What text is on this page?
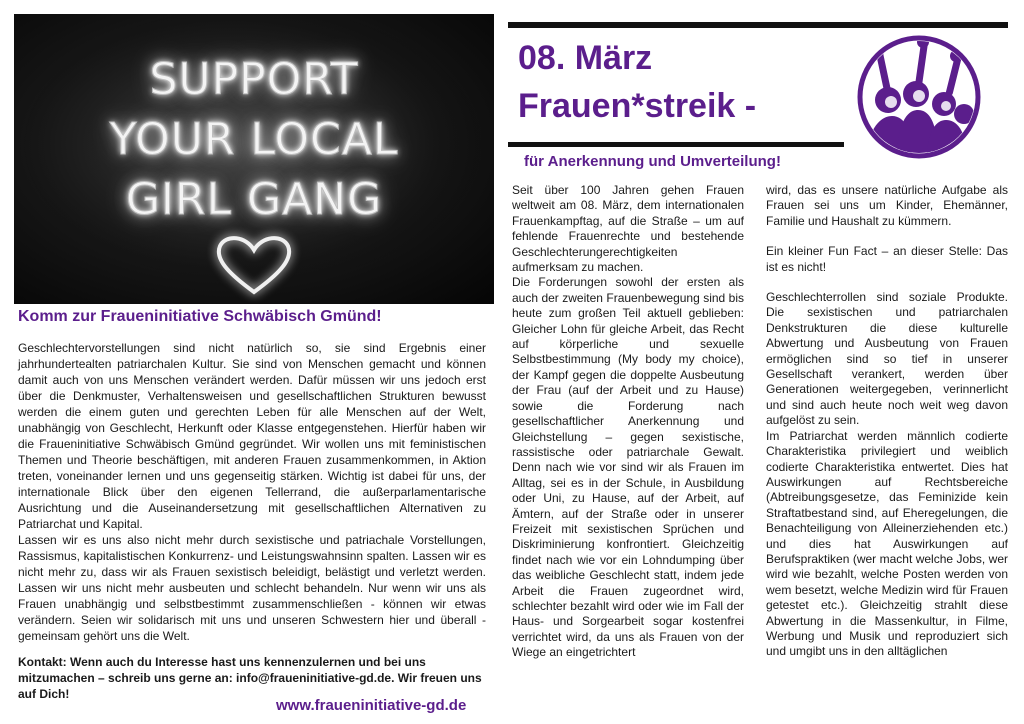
SUPPORT
YOUR LOCAL
GIRL GANG
Komm zur Fraueninitiative Schwäbisch Gmünd!

Geschlechtervorstellungen sind nicht natürlich so, sie sind Ergebnis einer jahrhundertealten patriarchalen Kultur. Sie sind von Menschen gemacht und können damit auch von uns Menschen verändert werden. Dafür müssen wir uns jedoch erst über die Denkmuster, Verhaltensweisen und gesellschaftlichen Strukturen bewusst werden die einem guten und gerechten Leben für alle Menschen auf der Welt, unabhängig von Geschlecht, Herkunft oder Klasse entgegenstehen. Hierfür haben wir die Fraueninitiative Schwäbisch Gmünd gegründet. Wir wollen uns mit feministischen Themen und Theorie beschäftigen, mit anderen Frauen zusammenkommen, in Aktion treten, voneinander lernen und uns gegenseitig stärken. Wichtig ist dabei für uns, der internationale Blick über den eigenen Tellerrand, die außerparlamentarische Ausrichtung und die Auseinandersetzung mit gesellschaftlichen Alternativen zu Patriarchat und Kapital.

Lassen wir es uns also nicht mehr durch sexistische und patriachale Vorstellungen, Rassismus, kapitalistischen Konkurrenz- und Leistungswahnsinn spalten. Lassen wir es nicht mehr zu, dass wir als Frauen sexistisch beleidigt, belästigt und verletzt werden. Lassen wir uns nicht mehr ausbeuten und schlecht behandeln. Nur wenn wir uns als Frauen unabhängig und selbstbestimmt zusammenschließen - können wir etwas verändern. Seien wir solidarisch mit uns und unseren Schwestern hier und überall - gemeinsam gehört uns die Welt.

Kontakt: Wenn auch du Interesse hast uns kennenzulernen und bei uns mitzumachen – schreib uns gerne an: info@fraueninitiative-gd.de. Wir freuen uns auf Dich!
www.fraueninitiative-gd.de
08. März
Frauen*streik -
für Anerkennung und Umverteilung!

Seit über 100 Jahren gehen Frauen weltweit am 08. März, dem internationalen Frauenkampftag, auf die Straße – um auf fehlende Frauenrechte und bestehende Geschlechterungerechtigkeiten aufmerksam zu machen.

Die Forderungen sowohl der ersten als auch der zweiten Frauenbewegung sind bis heute zum großen Teil aktuell geblieben: Gleicher Lohn für gleiche Arbeit, das Recht auf körperliche und sexuelle Selbstbestimmung (My body my choice), der Kampf gegen die doppelte Ausbeutung der Frau (auf der Arbeit und zu Hause) sowie die Forderung nach gesellschaftlicher Anerkennung und Gleichstellung – gegen sexistische, rassistische oder patriarchale Gewalt. Denn nach wie vor sind wir als Frauen im Alltag, sei es in der Schule, in Ausbildung oder Uni, zu Hause, auf der Arbeit, auf Ämtern, auf der Straße oder in unserer Freizeit mit sexistischen Sprüchen und Diskriminierung konfrontiert. Gleichzeitig findet nach wie vor ein Lohndumping über das weibliche Geschlecht statt, indem jede Arbeit die Frauen zugeordnet wird, schlechter bezahlt wird oder wie im Fall der Haus- und Sorgearbeit sogar kostenfrei verrichtet wird, da uns als Frauen von der Wiege an eingetrichtert

wird, das es unsere natürliche Aufgabe als Frauen sei uns um Kinder, Ehemänner, Familie und Haushalt zu kümmern.

Ein kleiner Fun Fact – an dieser Stelle: Das ist es nicht!

Geschlechterrollen sind soziale Produkte. Die sexistischen und patriarchalen Denkstrukturen die diese kulturelle Abwertung und Ausbeutung von Frauen ermöglichen sind so tief in unserer Gesellschaft verankert, werden über Generationen weitergegeben, verinnerlicht und sind auch heute noch weit weg davon aufgelöst zu sein.

Im Patriarchat werden männlich codierte Charakteristika privilegiert und weiblich codierte Charakteristika entwertet. Dies hat Auswirkungen auf Rechtsbereiche (Abtreibungsgesetze, das Feminizide kein Straftatbestand sind, auf Eheregelungen, die Benachteiligung von Alleinerziehenden etc.) und dies hat Auswirkungen auf Berufspraktiken (wer macht welche Jobs, wer wird wie bezahlt, welche Posten werden von wem besetzt, welche Medizin wird für Frauen getestet etc.). Gleichzeitig strahlt diese Abwertung in die Massenkultur, in Filme, Werbung und Musik und reproduziert sich und umgibt uns in den alltäglichen
